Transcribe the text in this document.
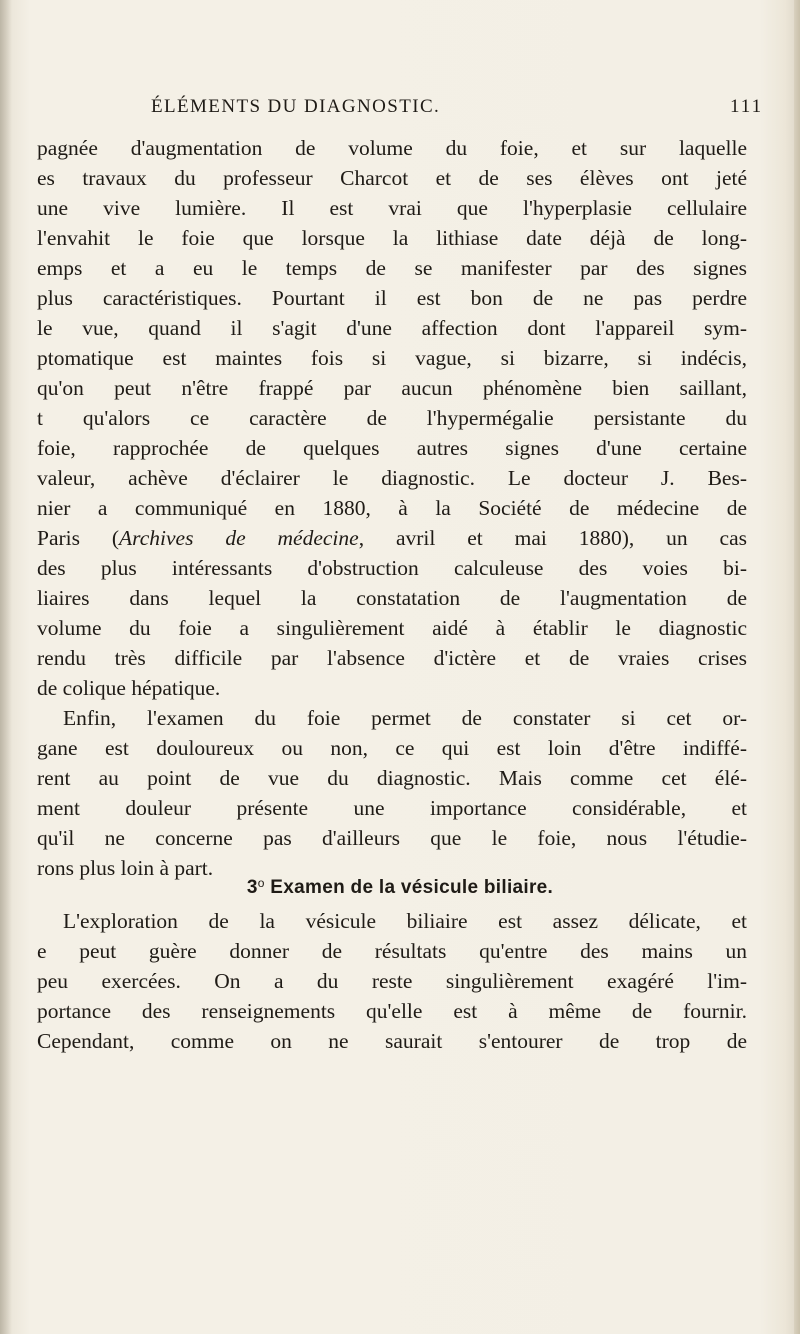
ÉLÉMENTS DU DIAGNOSTIC.	111
pagnée d'augmentation de volume du foie, et sur laquelle
es travaux du professeur Charcot et de ses élèves ont jeté
une vive lumière. Il est vrai que l'hyperplasie cellulaire
l'envahit le foie que lorsque la lithiase date déjà de long-
emps et a eu le temps de se manifester par des signes
plus caractéristiques. Pourtant il est bon de ne pas perdre
le vue, quand il s'agit d'une affection dont l'appareil sym-
ptomatique est maintes fois si vague, si bizarre, si indécis,
qu'on peut n'être frappé par aucun phénomène bien saillant,
t qu'alors ce caractère de l'hypermégalie persistante du
foie, rapprochée de quelques autres signes d'une certaine
valeur, achève d'éclairer le diagnostic. Le docteur J. Bes-
nier a communiqué en 1880, à la Société de médecine de
Paris (Archives de médecine, avril et mai 1880), un cas
des plus intéressants d'obstruction calculeuse des voies bi-
liaires dans lequel la constatation de l'augmentation de
volume du foie a singulièrement aidé à établir le diagnostic
rendu très difficile par l'absence d'ictère et de vraies crises
de colique hépatique.
Enfin, l'examen du foie permet de constater si cet or-
gane est douloureux ou non, ce qui est loin d'être indiffé-
rent au point de vue du diagnostic. Mais comme cet élé-
ment douleur présente une importance considérable, et
qu'il ne concerne pas d'ailleurs que le foie, nous l'étudie-
rons plus loin à part.
3$^o$ Examen de la vésicule biliaire.
L'exploration de la vésicule biliaire est assez délicate, et
e peut guère donner de résultats qu'entre des mains un
peu exercées. On a du reste singulièrement exagéré l'im-
portance des renseignements qu'elle est à même de fournir.
Cependant, comme on ne saurait s'entourer de trop de
